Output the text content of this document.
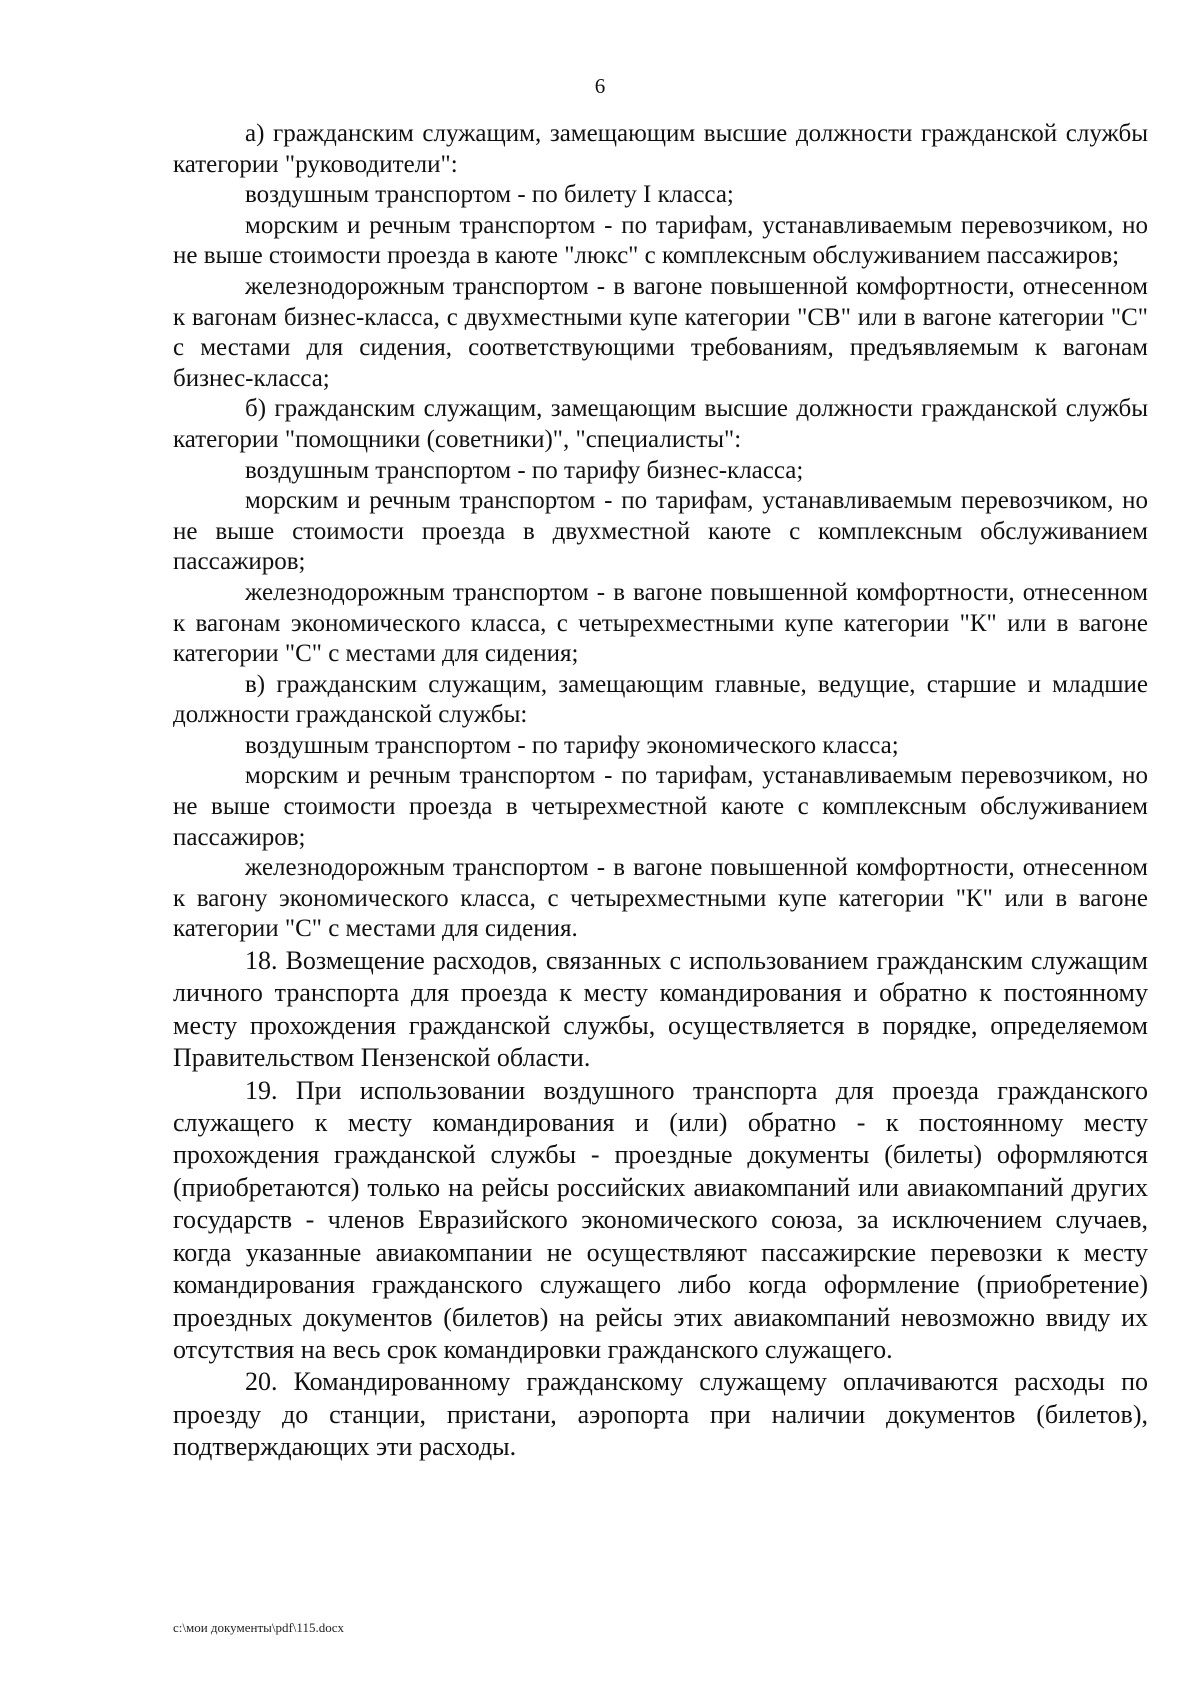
6

а) гражданским служащим, замещающим высшие должности гражданской службы категории "руководители":

воздушным транспортом - по билету I класса;

морским и речным транспортом - по тарифам, устанавливаемым перевозчиком, но не выше стоимости проезда в каюте "люкс" с комплексным обслуживанием пассажиров;

железнодорожным транспортом - в вагоне повышенной комфортности, отнесенном к вагонам бизнес-класса, с двухместными купе категории "СВ" или в вагоне категории "С" с местами для сидения, соответствующими требованиям, предъявляемым к вагонам бизнес-класса;

б) гражданским служащим, замещающим высшие должности гражданской службы категории "помощники (советники)", "специалисты":

воздушным транспортом - по тарифу бизнес-класса;

морским и речным транспортом - по тарифам, устанавливаемым перевозчиком, но не выше стоимости проезда в двухместной каюте с комплексным обслуживанием пассажиров;

железнодорожным транспортом - в вагоне повышенной комфортности, отнесенном к вагонам экономического класса, с четырехместными купе категории "К" или в вагоне категории "С" с местами для сидения;

в) гражданским служащим, замещающим главные, ведущие, старшие и младшие должности гражданской службы:

воздушным транспортом - по тарифу экономического класса;

морским и речным транспортом - по тарифам, устанавливаемым перевозчиком, но не выше стоимости проезда в четырехместной каюте с комплексным обслуживанием пассажиров;

железнодорожным транспортом - в вагоне повышенной комфортности, отнесенном к вагону экономического класса, с четырехместными купе категории "К" или в вагоне категории "С" с местами для сидения.

18. Возмещение расходов, связанных с использованием гражданским служащим личного транспорта для проезда к месту командирования и обратно к постоянному месту прохождения гражданской службы, осуществляется в порядке, определяемом Правительством Пензенской области.

19. При использовании воздушного транспорта для проезда гражданского служащего к месту командирования и (или) обратно - к постоянному месту прохождения гражданской службы - проездные документы (билеты) оформляются (приобретаются) только на рейсы российских авиакомпаний или авиакомпаний других государств - членов Евразийского экономического союза, за исключением случаев, когда указанные авиакомпании не осуществляют пассажирские перевозки к месту командирования гражданского служащего либо когда оформление (приобретение) проездных документов (билетов) на рейсы этих авиакомпаний невозможно ввиду их отсутствия на весь срок командировки гражданского служащего.

20. Командированному гражданскому служащему оплачиваются расходы по проезду до станции, пристани, аэропорта при наличии документов (билетов), подтверждающих эти расходы.

c:\мои документы\pdf\115.docx
